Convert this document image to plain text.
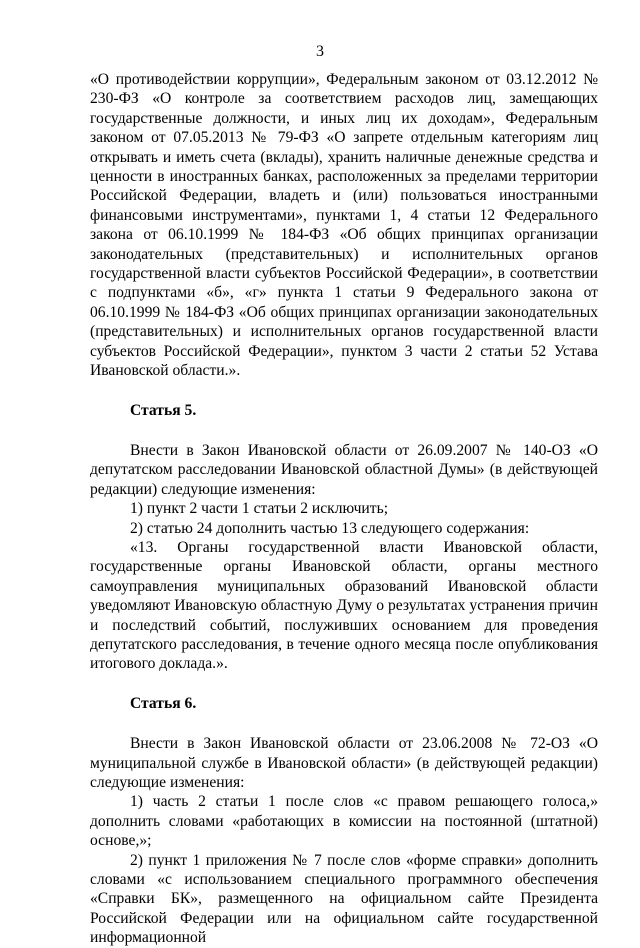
3

«О противодействии коррупции», Федеральным законом от 03.12.2012 № 230-ФЗ «О контроле за соответствием расходов лиц, замещающих государственные должности, и иных лиц их доходам», Федеральным законом от 07.05.2013 № 79-ФЗ «О запрете отдельным категориям лиц открывать и иметь счета (вклады), хранить наличные денежные средства и ценности в иностранных банках, расположенных за пределами территории Российской Федерации, владеть и (или) пользоваться иностранными финансовыми инструментами», пунктами 1, 4 статьи 12 Федерального закона от 06.10.1999 № 184-ФЗ «Об общих принципах организации законодательных (представительных) и исполнительных органов государственной власти субъектов Российской Федерации», в соответствии с подпунктами «б», «г» пункта 1 статьи 9 Федерального закона от 06.10.1999 № 184-ФЗ «Об общих принципах организации законодательных (представительных) и исполнительных органов государственной власти субъектов Российской Федерации», пунктом 3 части 2 статьи 52 Устава Ивановской области.».

Статья 5.

Внести в Закон Ивановской области от 26.09.2007 № 140-ОЗ «О депутатском расследовании Ивановской областной Думы» (в действующей редакции) следующие изменения:

1) пункт 2 части 1 статьи 2 исключить;

2) статью 24 дополнить частью 13 следующего содержания:

«13. Органы государственной власти Ивановской области, государственные органы Ивановской области, органы местного самоуправления муниципальных образований Ивановской области уведомляют Ивановскую областную Думу о результатах устранения причин и последствий событий, послуживших основанием для проведения депутатского расследования, в течение одного месяца после опубликования итогового доклада.».

Статья 6.

Внести в Закон Ивановской области от 23.06.2008 № 72-ОЗ «О муниципальной службе в Ивановской области» (в действующей редакции) следующие изменения:

1) часть 2 статьи 1 после слов «с правом решающего голоса,» дополнить словами «работающих в комиссии на постоянной (штатной) основе,»;

2) пункт 1 приложения № 7 после слов «форме справки» дополнить словами «с использованием специального программного обеспечения «Справки БК», размещенного на официальном сайте Президента Российской Федерации или на официальном сайте государственной информационной
